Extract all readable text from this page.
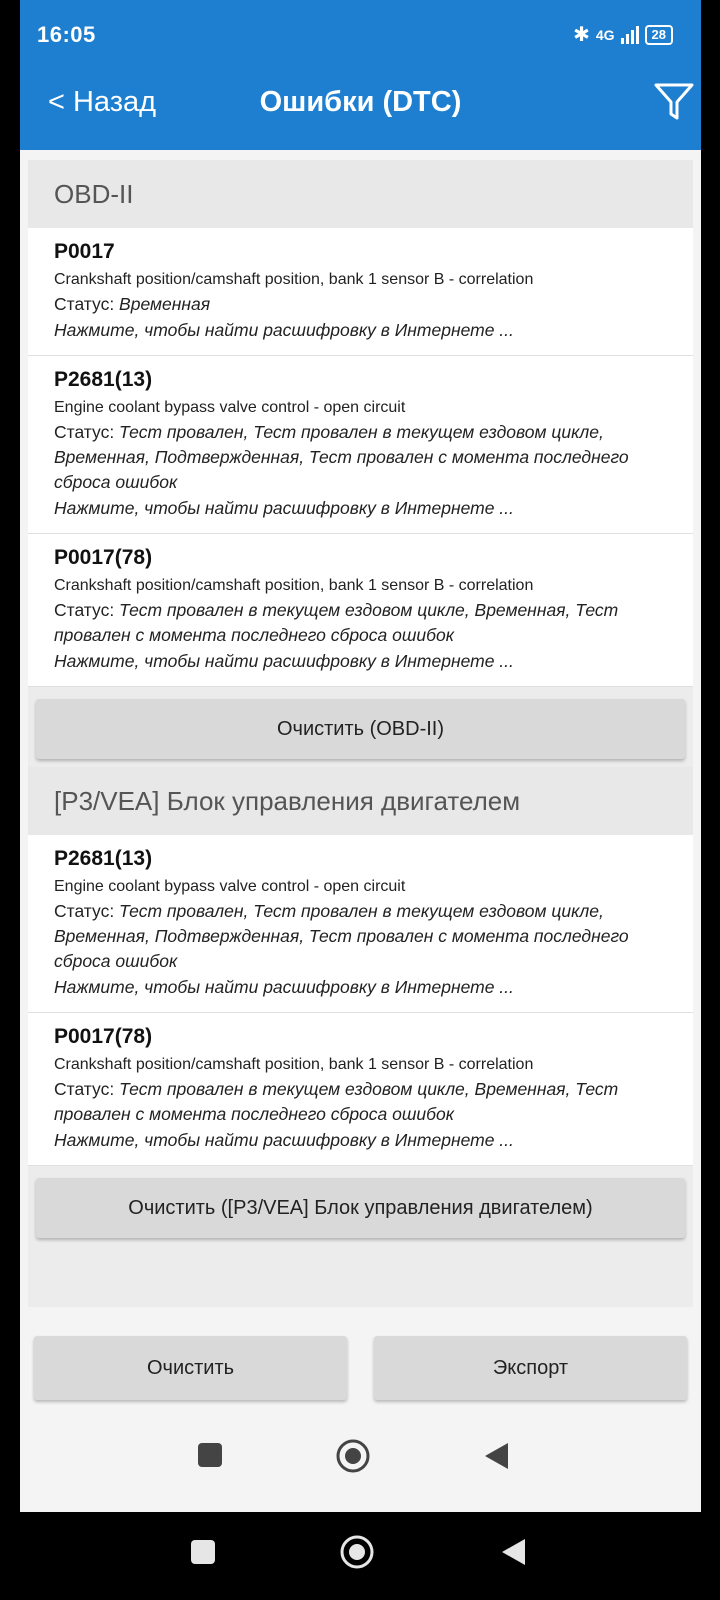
16:05	✱ 4G	28
< Назад	Ошибки (DTC)
OBD-II
P0017
Crankshaft position/camshaft position, bank 1 sensor B - correlation
Статус: Временная
Нажмите, чтобы найти расшифровку в Интернете ...
P2681(13)
Engine coolant bypass valve control - open circuit
Статус: Тест провален, Тест провален в текущем ездовом цикле, Временная, Подтвержденная, Тест провален с момента последнего сброса ошибок
Нажмите, чтобы найти расшифровку в Интернете ...
P0017(78)
Crankshaft position/camshaft position, bank 1 sensor B - correlation
Статус: Тест провален в текущем ездовом цикле, Временная, Тест провален с момента последнего сброса ошибок
Нажмите, чтобы найти расшифровку в Интернете ...
Очистить (OBD-II)
[P3/VEA] Блок управления двигателем
P2681(13)
Engine coolant bypass valve control - open circuit
Статус: Тест провален, Тест провален в текущем ездовом цикле, Временная, Подтвержденная, Тест провален с момента последнего сброса ошибок
Нажмите, чтобы найти расшифровку в Интернете ...
P0017(78)
Crankshaft position/camshaft position, bank 1 sensor B - correlation
Статус: Тест провален в текущем ездовом цикле, Временная, Тест провален с момента последнего сброса ошибок
Нажмите, чтобы найти расшифровку в Интернете ...
Очистить ([P3/VEA] Блок управления двигателем)
Очистить	Экспорт
